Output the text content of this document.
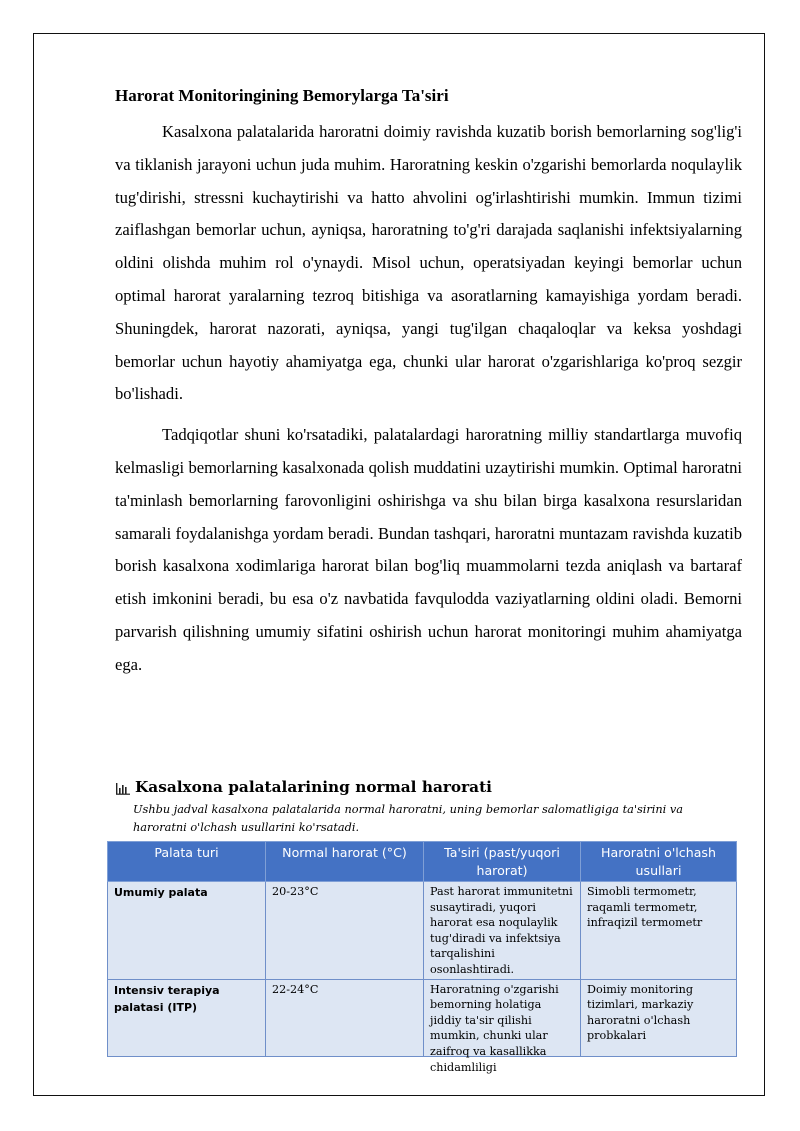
Harorat Monitoringining Bemorylarga Ta'siri

Kasalxona palatalarida haroratni doimiy ravishda kuzatib borish bemorlarning sog'lig'i va tiklanish jarayoni uchun juda muhim. Haroratning keskin o'zgarishi bemorlarda noqulaylik tug'dirishi, stressni kuchaytirishi va hatto ahvolini og'irlashtirishi mumkin. Immun tizimi zaiflashgan bemorlar uchun, ayniqsa, haroratning to'g'ri darajada saqlanishi infektsiyalarning oldini olishda muhim rol o'ynaydi. Misol uchun, operatsiyadan keyingi bemorlar uchun optimal harorat yaralarning tezroq bitishiga va asoratlarning kamayishiga yordam beradi. Shuningdek, harorat nazorati, ayniqsa, yangi tug'ilgan chaqaloqlar va keksa yoshdagi bemorlar uchun hayotiy ahamiyatga ega, chunki ular harorat o'zgarishlariga ko'proq sezgir bo'lishadi.

Tadqiqotlar shuni ko'rsatadiki, palatalardagi haroratning milliy standartlarga muvofiq kelmasligi bemorlarning kasalxonada qolish muddatini uzaytirishi mumkin. Optimal haroratni ta'minlash bemorlarning farovonligini oshirishga va shu bilan birga kasalxona resurslaridan samarali foydalanishga yordam beradi. Bundan tashqari, haroratni muntazam ravishda kuzatib borish kasalxona xodimlariga harorat bilan bog'liq muammolarni tezda aniqlash va bartaraf etish imkonini beradi, bu esa o'z navbatida favqulodda vaziyatlarning oldini oladi. Bemorni parvarish qilishning umumiy sifatini oshirish uchun harorat monitoringi muhim ahamiyatga ega.

Kasalxona palatalarining normal harorati
Ushbu jadval kasalxona palatalarida normal haroratni, uning bemorlar salomatligiga ta'sirini va haroratni o'lchash usullarini ko'rsatadi.
Palata turi	Normal harorat (°C)	Ta'siri (past/yuqori harorat)	Haroratni o'lchash usullari
Umumiy palata	20-23°C	Past harorat immunitetni susaytiradi, yuqori harorat esa noqulaylik tug'diradi va infektsiya tarqalishini osonlashtiradi.	Simobli termometr, raqamli termometr, infraqizil termometr
Intensiv terapiya palatasi (ITP)	22-24°C	Haroratning o'zgarishi bemorning holatiga jiddiy ta'sir qilishi mumkin, chunki ular zaifroq va kasallikka chidamliligi	Doimiy monitoring tizimlari, markaziy haroratni o'lchash probkalari
